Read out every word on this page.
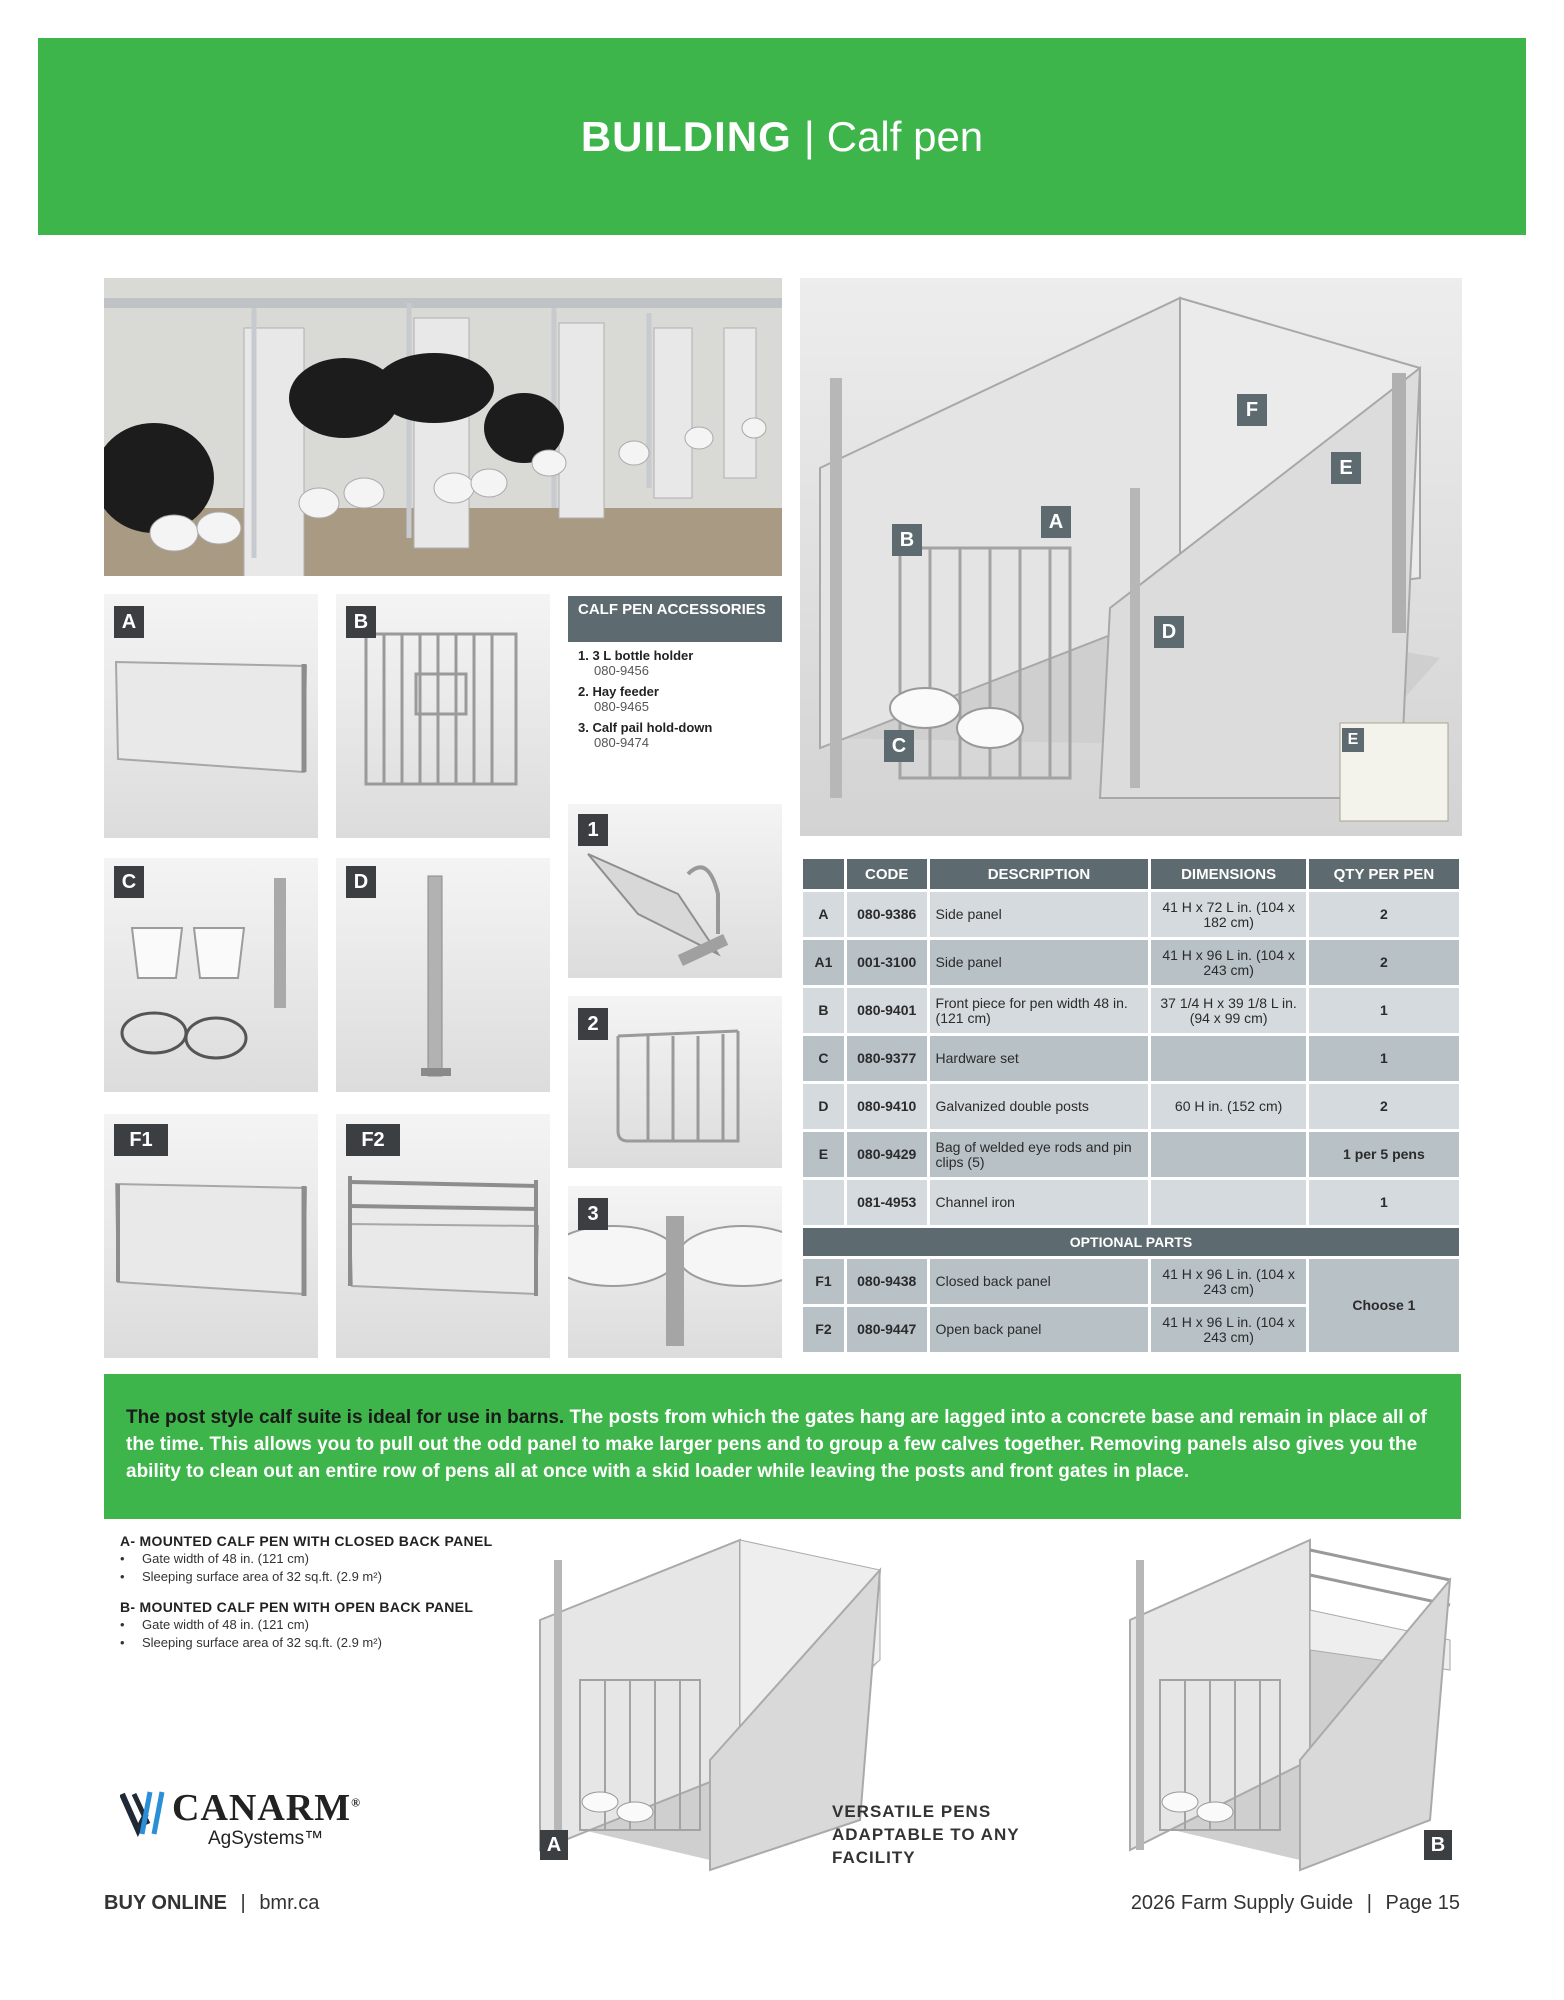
BUILDING | Calf pen
A	B
C	D
F1	F2
CALF PEN ACCESSORIES
1. 3 L bottle holder
080-9456
2. Hay feeder
080-9465
3. Calf pail hold-down
080-9474
1
2
3
F
E
A
B
D
C	E
	CODE	DESCRIPTION	DIMENSIONS	QTY PER PEN
A	080-9386	Side panel	41 H x 72 L in. (104 x 182 cm)	2
A1	001-3100	Side panel	41 H x 96 L in. (104 x 243 cm)	2
B	080-9401	Front piece for pen width 48 in. (121 cm)	37 1/4 H x 39 1/8 L in. (94 x 99 cm)	1
C	080-9377	Hardware set		1
D	080-9410	Galvanized double posts	60 H in. (152 cm)	2
E	080-9429	Bag of welded eye rods and pin clips (5)		1 per 5 pens
	081-4953	Channel iron		1
OPTIONAL PARTS				
F1	080-9438	Closed back panel	41 H x 96 L in. (104 x 243 cm)	Choose 1
F2	080-9447	Open back panel	41 H x 96 L in. (104 x 243 cm)	
The post style calf suite is ideal for use in barns. The posts from which the gates hang are lagged into a concrete base and remain in place all of the time. This allows you to pull out the odd panel to make larger pens and to group a few calves together. Removing panels also gives you the ability to clean out an entire row of pens all at once with a skid loader while leaving the posts and front gates in place.
A- MOUNTED CALF PEN WITH CLOSED BACK PANEL
• Gate width of 48 in. (121 cm)
• Sleeping surface area of 32 sq.ft. (2.9 m²)
B- MOUNTED CALF PEN WITH OPEN BACK PANEL
• Gate width of 48 in. (121 cm)
• Sleeping surface area of 32 sq.ft. (2.9 m²)
A
VERSATILE PENS
ADAPTABLE TO ANY FACILITY
B
CANARM®
AgSystems™
BUY ONLINE | bmr.ca	2026 Farm Supply Guide | Page 15
